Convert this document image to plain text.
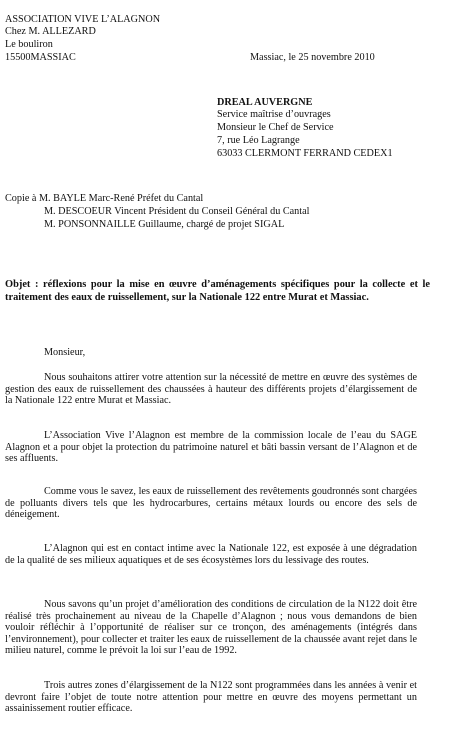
ASSOCIATION VIVE L’ALAGNON

Chez M. ALLEZARD

Le bouliron

15500MASSIAC	Massiac, le 25 novembre 2010

DREAL AUVERGNE

Service maîtrise d’ouvrages

Monsieur le Chef de Service

7, rue Léo Lagrange

63033 CLERMONT FERRAND CEDEX1

Copie à M. BAYLE Marc-René Préfet du Cantal

M. DESCOEUR Vincent Président du Conseil Général du Cantal

M. PONSONNAILLE Guillaume, chargé de projet SIGAL

Objet : réflexions pour la mise en œuvre d’aménagements spécifiques pour la collecte et le traitement des eaux de ruissellement, sur la Nationale 122 entre Murat et Massiac.

Monsieur,

Nous souhaitons attirer votre attention sur la nécessité de mettre en œuvre des systèmes de gestion des eaux de ruissellement des chaussées à hauteur des différents projets d’élargissement de la Nationale 122 entre Murat et Massiac.

L’Association Vive l’Alagnon est membre de la commission locale de l’eau du SAGE Alagnon et a pour objet la protection du patrimoine naturel et bâti bassin versant de l’Alagnon et de ses affluents.

Comme vous le savez, les eaux de ruissellement des revêtements goudronnés sont chargées de polluants divers tels que les hydrocarbures, certains métaux lourds ou encore des sels de déneigement.

L’Alagnon qui est en contact intime avec la Nationale 122, est exposée à une dégradation de la qualité de ses milieux aquatiques et de ses écosystèmes lors du lessivage des routes.

Nous savons qu’un projet d’amélioration des conditions de circulation de la N122 doit être réalisé très prochainement au niveau de la Chapelle d’Alagnon ; nous vous demandons de bien vouloir réfléchir à l’opportunité de réaliser sur ce tronçon, des aménagements (intégrés dans l’environnement), pour collecter et traiter les eaux de ruissellement de la chaussée avant rejet dans le milieu naturel, comme le prévoit la loi sur l’eau de 1992.

Trois autres zones d’élargissement de la N122 sont programmées dans les années à venir et devront faire l’objet de toute notre attention pour mettre en œuvre des moyens permettant un assainissement routier efficace.
